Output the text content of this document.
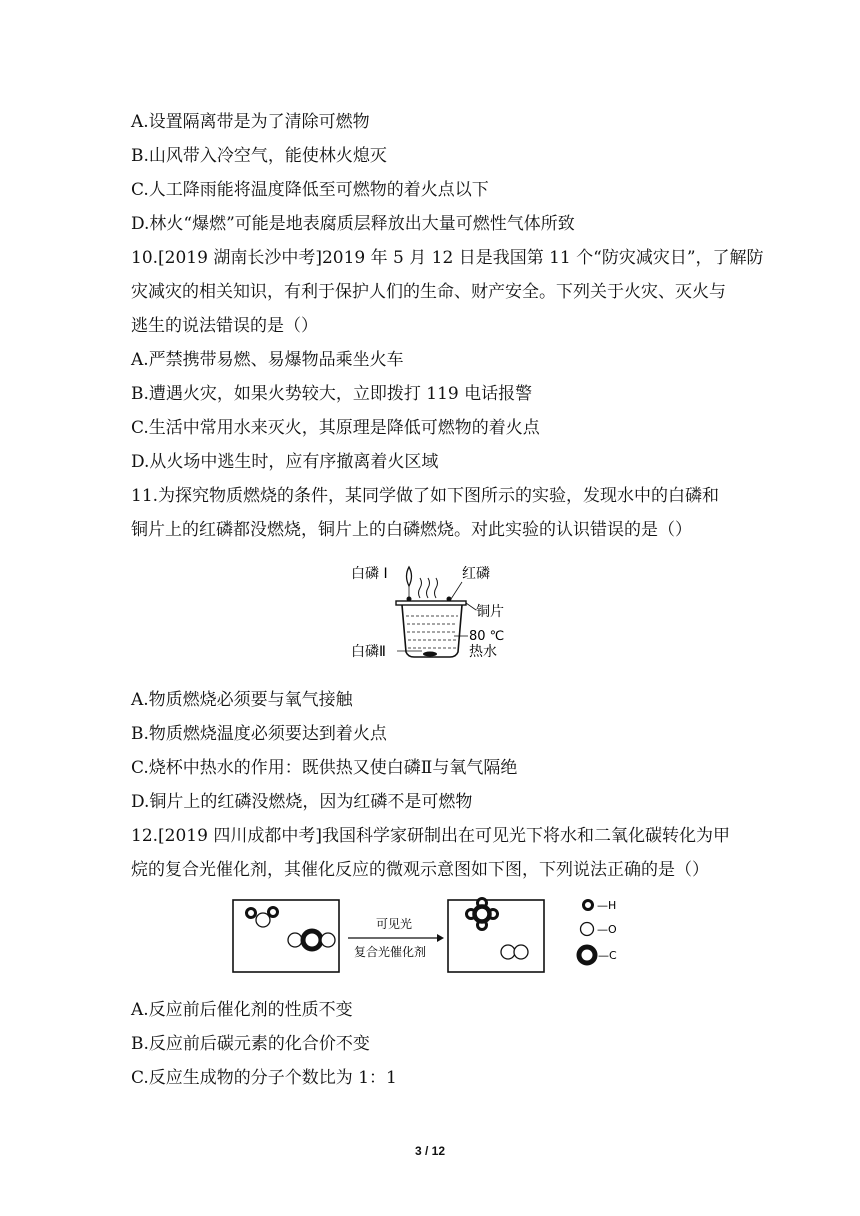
A.设置隔离带是为了清除可燃物
B.山风带入冷空气，能使林火熄灭
C.人工降雨能将温度降低至可燃物的着火点以下
D.林火“爆燃”可能是地表腐质层释放出大量可燃性气体所致
10.[2019 湖南长沙中考]2019 年 5 月 12 日是我国第 11 个“防灾减灾日”，了解防
灾减灾的相关知识，有利于保护人们的生命、财产安全。下列关于火灾、灭火与
逃生的说法错误的是（）
A.严禁携带易燃、易爆物品乘坐火车
B.遭遇火灾，如果火势较大，立即拨打 119 电话报警
C.生活中常用水来灭火，其原理是降低可燃物的着火点
D.从火场中逃生时，应有序撤离着火区域
11.为探究物质燃烧的条件，某同学做了如下图所示的实验，发现水中的白磷和
铜片上的红磷都没燃烧，铜片上的白磷燃烧。对此实验的认识错误的是（）
白磷 I	红磷
铜片
80 ℃
热水
白磷Ⅱ
A.物质燃烧必须要与氧气接触
B.物质燃烧温度必须要达到着火点
C.烧杯中热水的作用：既供热又使白磷Ⅱ与氧气隔绝
D.铜片上的红磷没燃烧，因为红磷不是可燃物
12.[2019 四川成都中考]我国科学家研制出在可见光下将水和二氧化碳转化为甲
烷的复合光催化剂，其催化反应的微观示意图如下图，下列说法正确的是（）
可见光
复合光催化剂
—H
—O
—C
A.反应前后催化剂的性质不变
B.反应前后碳元素的化合价不变
C.反应生成物的分子个数比为 1：1
3 / 12
